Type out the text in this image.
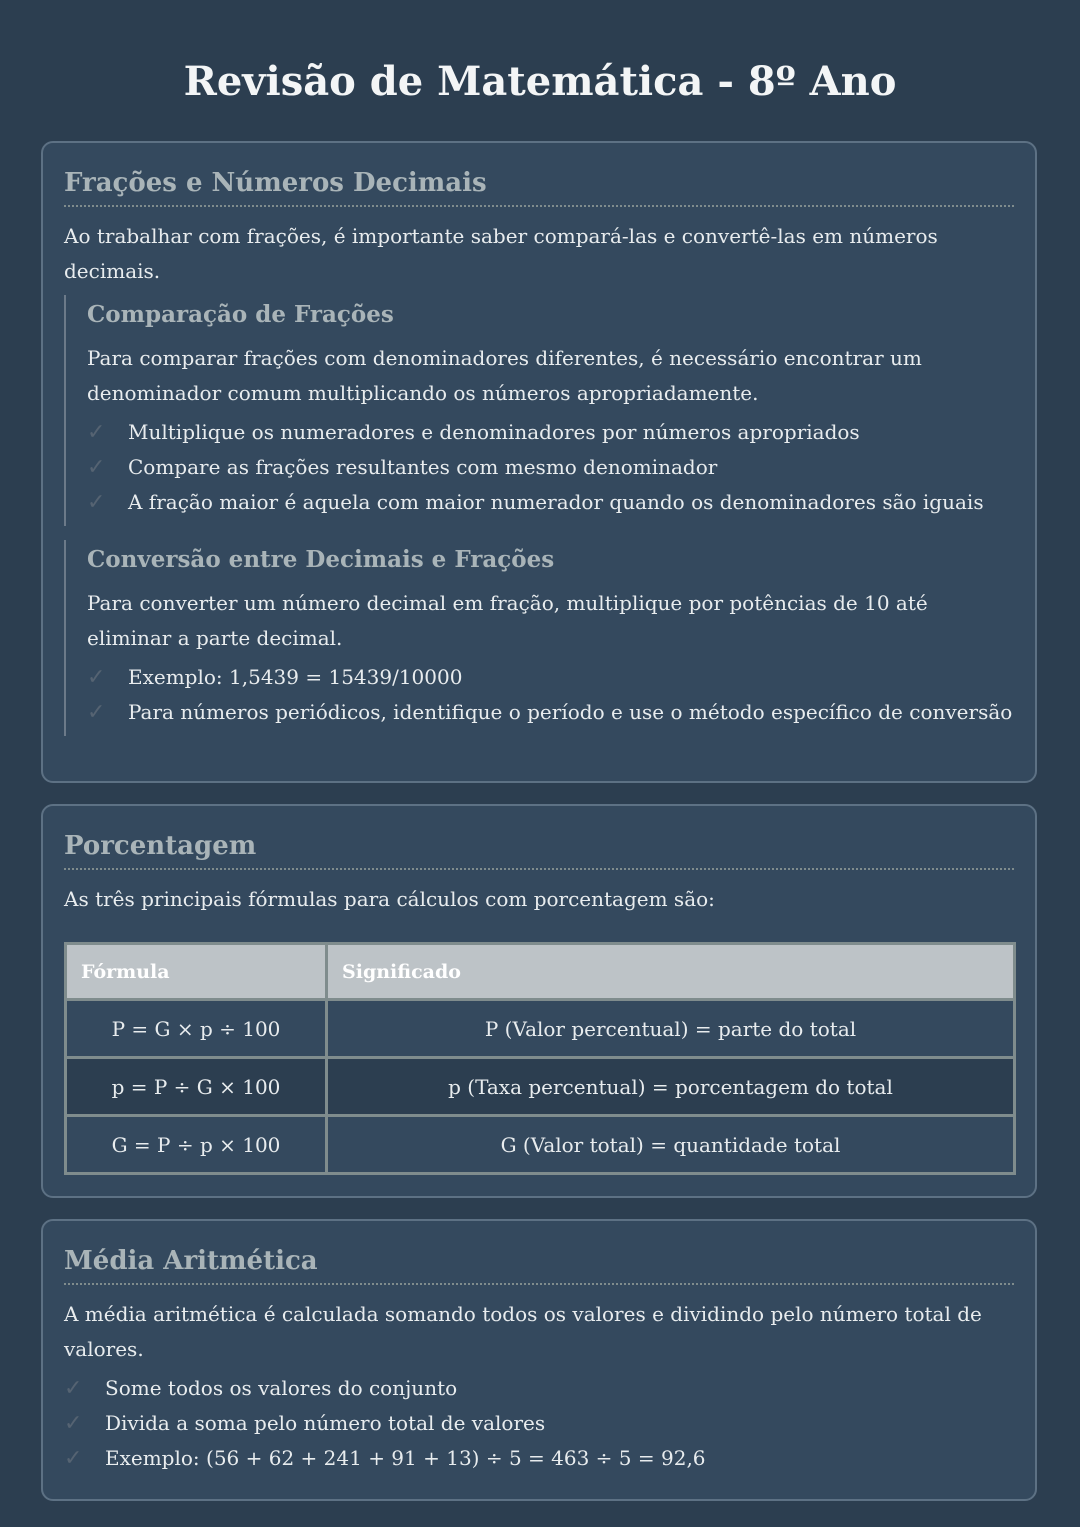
Revisão de Matemática - 8º Ano
Frações e Números Decimais

Ao trabalhar com frações, é importante saber compará-las e convertê-las em números decimais.

Comparação de Frações

Para comparar frações com denominadores diferentes, é necessário encontrar um denominador comum multiplicando os números apropriadamente.

✓	Multiplique os numeradores e denominadores por números apropriados
✓	Compare as frações resultantes com mesmo denominador
✓	A fração maior é aquela com maior numerador quando os denominadores são iguais
Conversão entre Decimais e Frações

Para converter um número decimal em fração, multiplique por potências de 10 até eliminar a parte decimal.

✓	Exemplo: 1,5439 = 15439/10000
✓	Para números periódicos, identifique o período e use o método específico de conversão
Porcentagem

As três principais fórmulas para cálculos com porcentagem são:

Fórmula	Significado
P = G × p ÷ 100	P (Valor percentual) = parte do total
p = P ÷ G × 100	p (Taxa percentual) = porcentagem do total
G = P ÷ p × 100	G (Valor total) = quantidade total
Média Aritmética

A média aritmética é calculada somando todos os valores e dividindo pelo número total de valores.

✓	Some todos os valores do conjunto
✓	Divida a soma pelo número total de valores
✓	Exemplo: (56 + 62 + 241 + 91 + 13) ÷ 5 = 463 ÷ 5 = 92,6
